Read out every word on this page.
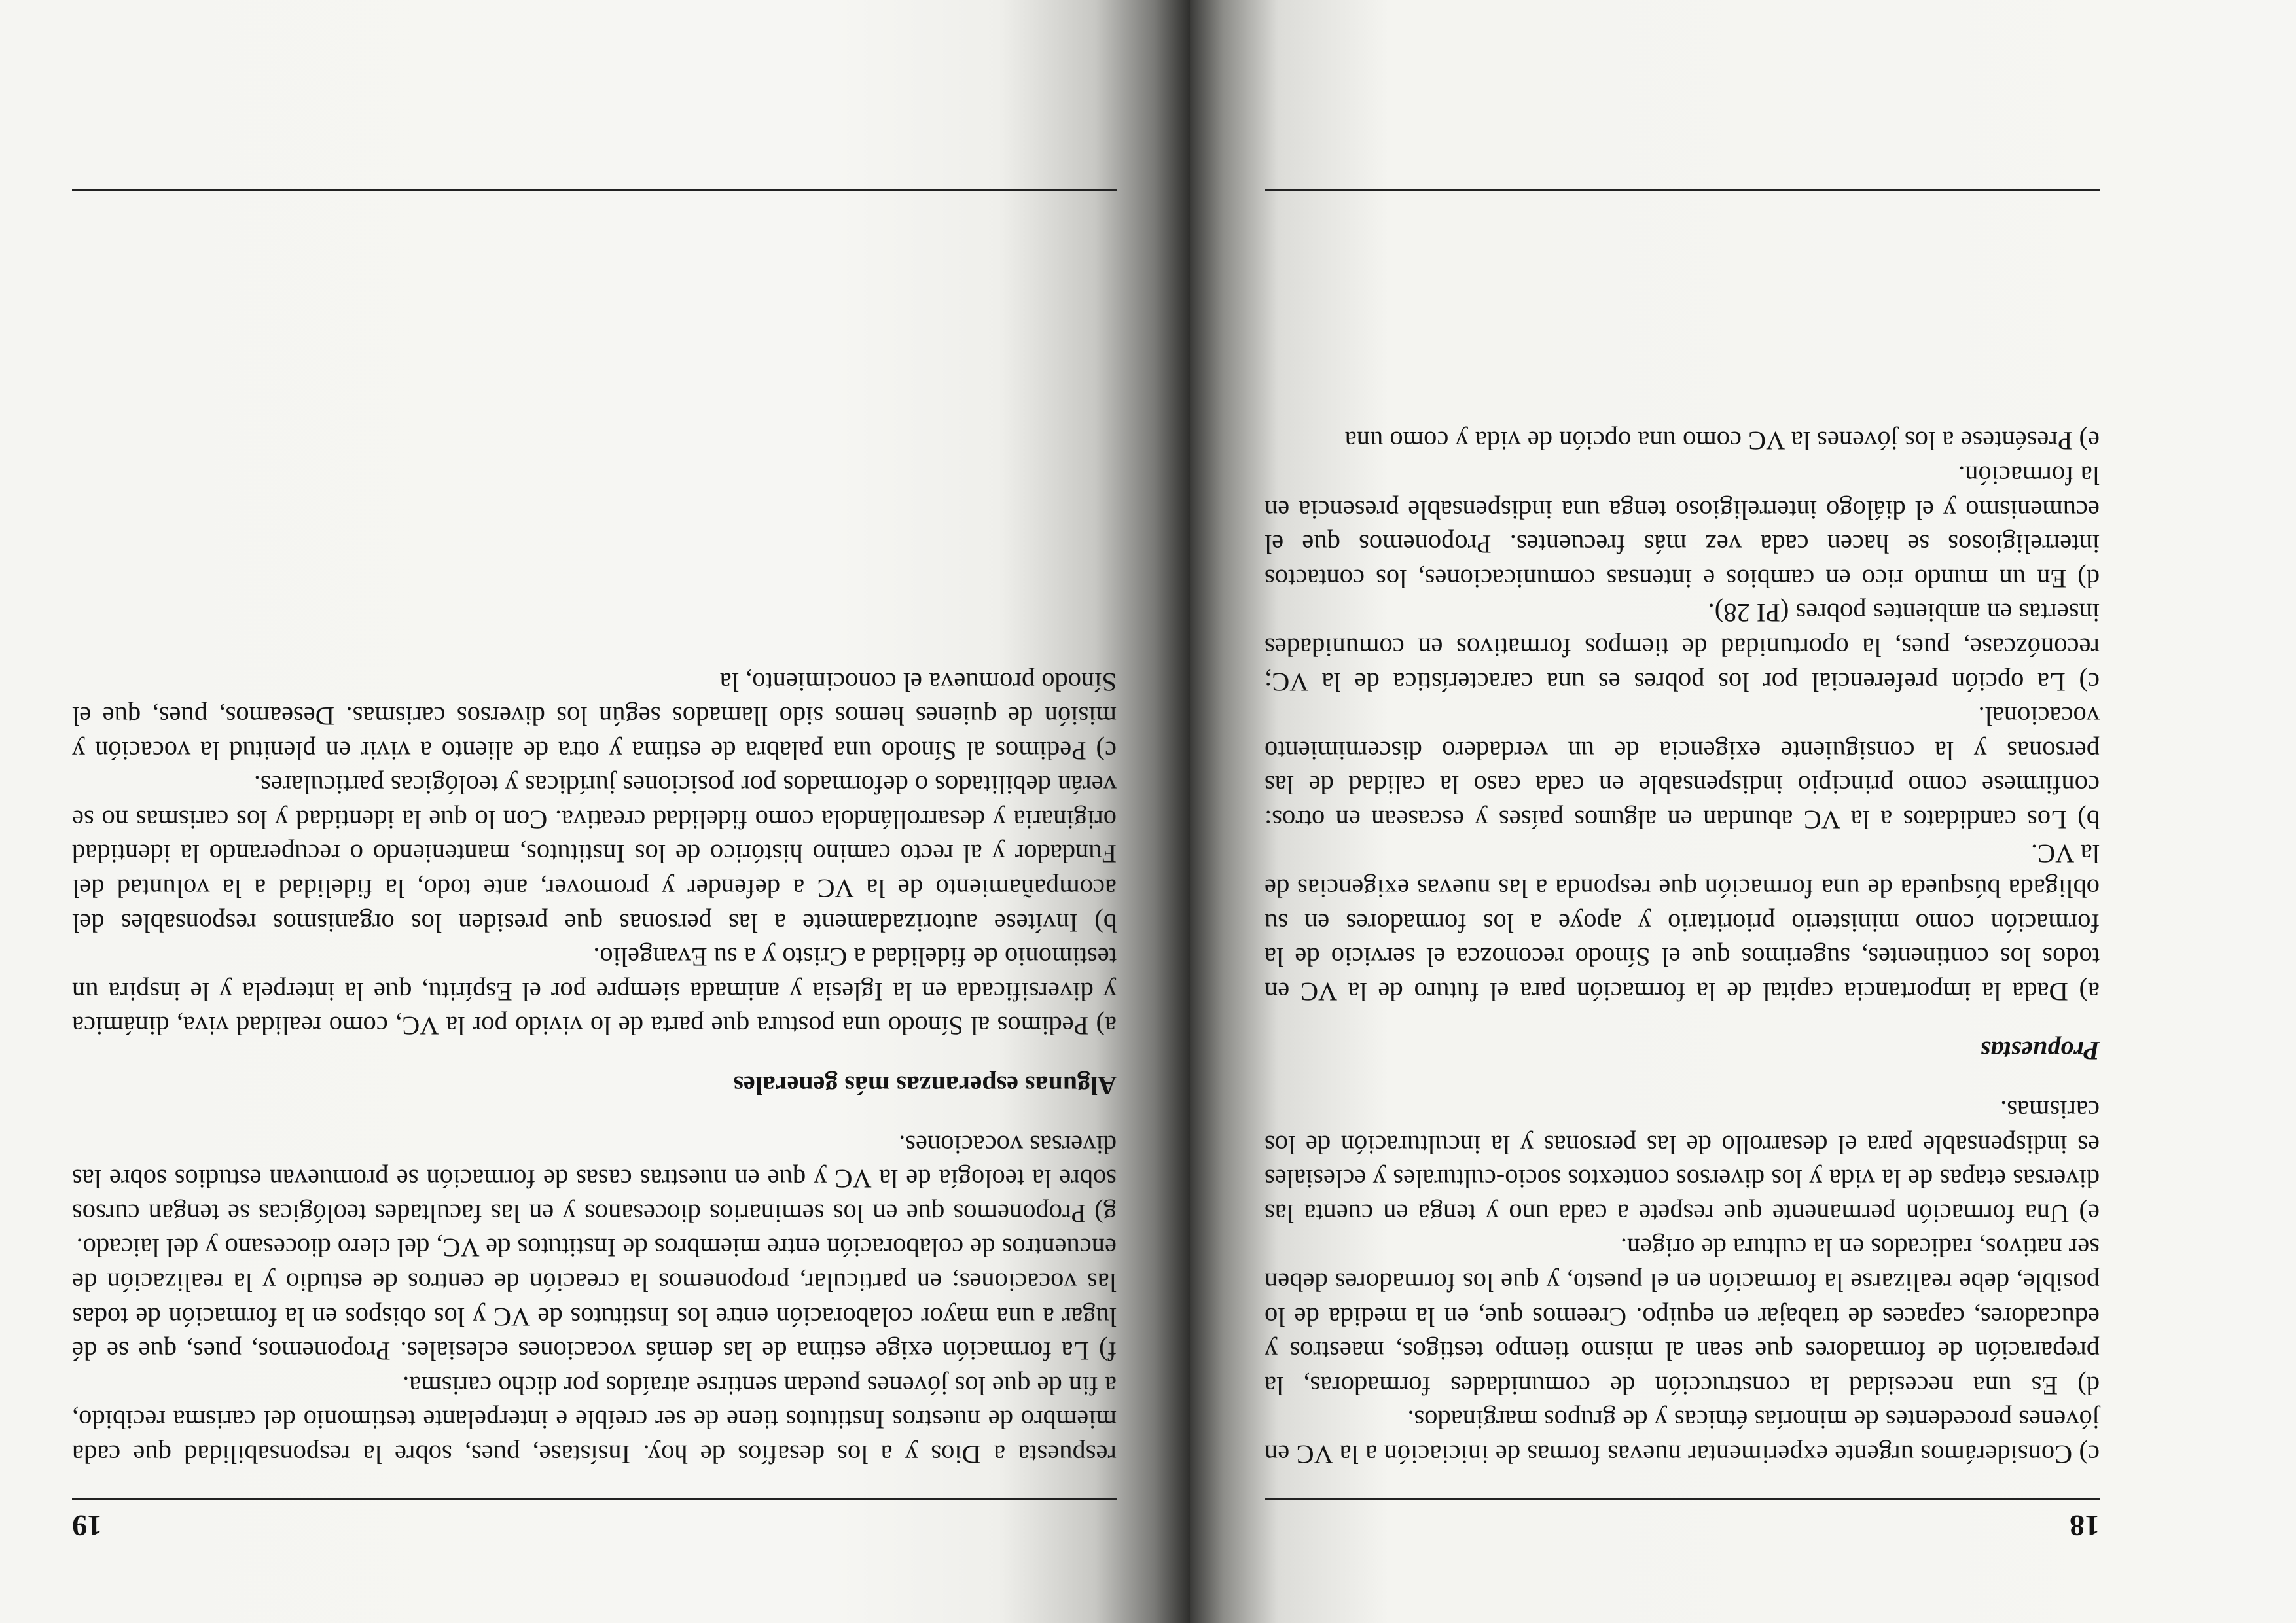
18

c) Considerámos urgente experimentar nuevas formas de iniciación a la VC en jóvenes procedentes de minorías étnicas y de grupos marginados.

d) Es una necesidad la construcción de comunidades formadoras, la preparación de formadores que sean al mismo tiempo testigos, maestros y educadores, capaces de trabajar en equipo. Creemos que, en la medida de lo posible, debe realizarse la formación en el puesto, y que los formadores deben ser nativos, radicados en la cultura de origen.

e) Una formación permanente que respete a cada uno y tenga en cuenta las diversas etapas de la vida y los diversos contextos socio-culturales y eclesiales es indispensable para el desarrollo de las personas y la inculturación de los carismas.

Propuestas

a) Dada la importancia capital de la formación para el futuro de la VC en todos los continentes, sugerimos que el Sínodo reconozca el servicio de la formación como ministerio prioritario y apoye a los formadores en su obligada búsqueda de una formación que responda a las nuevas exigencias de la VC.

b) Los candidatos a la VC abundan en algunos países y escasean en otros: confirmese como principio indispensable en cada caso la calidad de las personas y la consiguiente exigencia de un verdadero discernimiento vocacional.

c) La opción preferencial por los pobres es una característica de la VC; reconózcase, pues, la oportunidad de tiempos formativos en comunidades insertas en ambientes pobres (PI 28).

d) En un mundo rico en cambios e intensas comunicaciones, los contactos interreligiosos se hacen cada vez más frecuentes. Proponemos que el ecumenismo y el diálogo interreligioso tenga una indispensable presencia en la formación.

e) Preséntese a los jóvenes la VC como una opción de vida y como una

19

respuesta a Dios y a los desafíos de hoy. Insístase, pues, sobre la responsabilidad que cada miembro de nuestros Institutos tiene de ser creíble e interpelante testimonio del carisma recibido, a fin de que los jóvenes puedan sentirse atraídos por dicho carisma.

f) La formación exige estima de las demás vocaciones eclesiales. Proponemos, pues, que se dé lugar a una mayor colaboración entre los Institutos de VC y los obispos en la formación de todas las vocaciones; en particular, proponemos la creación de centros de estudio y la realización de encuentros de colaboración entre miembros de Institutos de VC, del clero diocesano y del laicado.

g) Proponemos que en los seminarios diocesanos y en las facultades teológicas se tengan cursos sobre la teología de la VC y que en nuestras casas de formación se promuevan estudios sobre las diversas vocaciones.

Algunas esperanzas más generales

a) Pedimos al Sínodo una postura que parta de lo vivido por la VC, como realidad viva, dinámica y diversificada en la Iglesia y animada siempre por el Espíritu, que la interpela y le inspira un testimonio de fidelidad a Cristo y a su Evangelio.

b) Invítese autorizadamente a las personas que presiden los organismos responsables del acompañamiento de la VC a defender y promover, ante todo, la fidelidad a la voluntad del Fundador y al recto camino histórico de los Institutos, manteniendo o recuperando la identidad originaria y desarrollándola como fidelidad creativa. Con lo que la identidad y los carismas no se verán debilitados o deformados por posiciones jurídicas y teológicas particulares.

c) Pedimos al Sínodo una palabra de estima y otra de aliento a vivir en plenitud la vocación y misión de quienes hemos sido llamados según los diversos carismas. Deseamos, pues, que el Sínodo promueva el conocimiento, la
